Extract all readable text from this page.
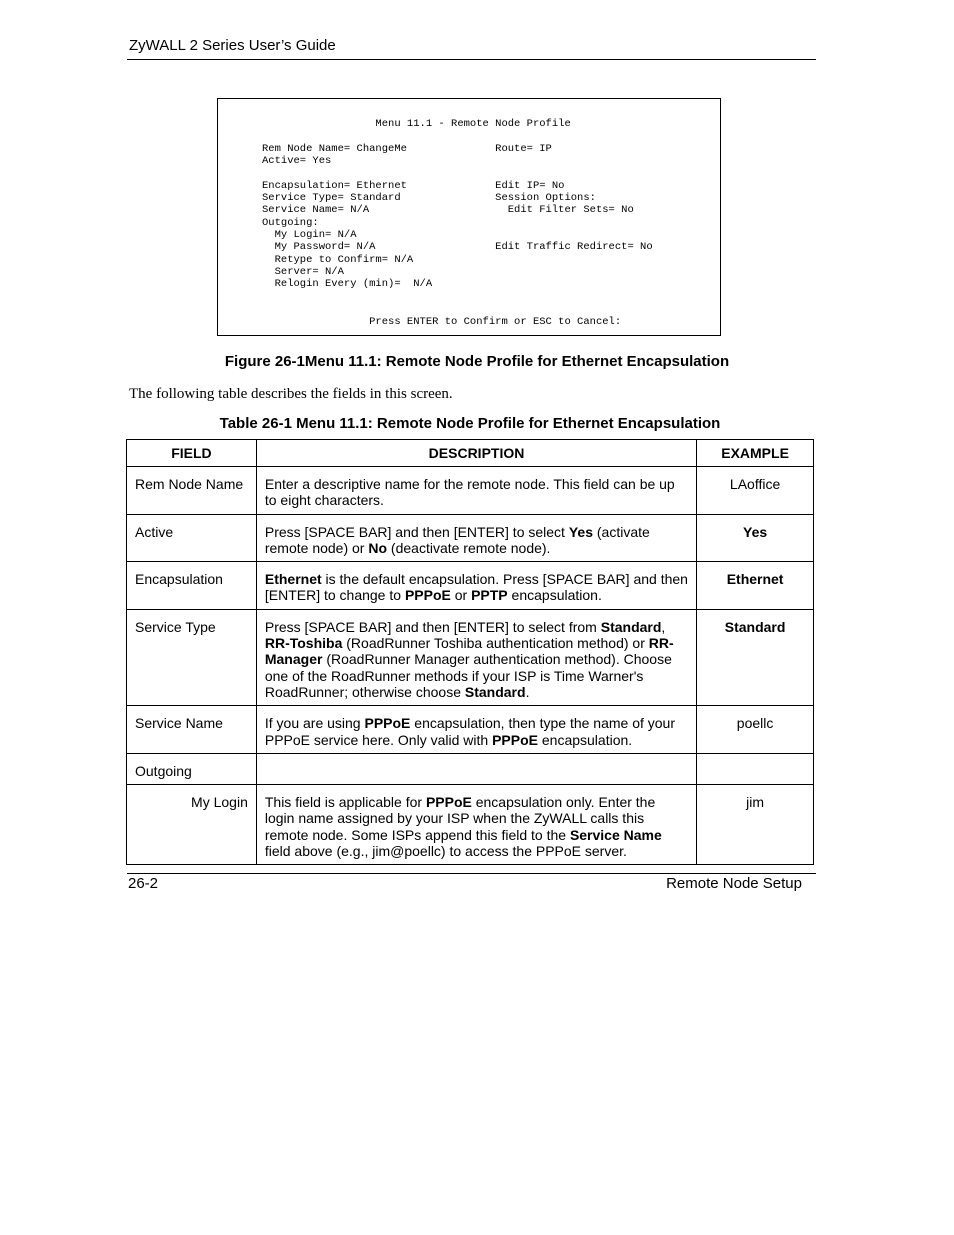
ZyWALL 2 Series User’s Guide
Menu 11.1 - Remote Node Profile

Rem Node Name= ChangeMe              Route= IP
Active= Yes

Encapsulation= Ethernet              Edit IP= No
Service Type= Standard               Session Options:
Service Name= N/A                      Edit Filter Sets= No
Outgoing:
My Login= N/A
My Password= N/A                   Edit Traffic Redirect= No
Retype to Confirm= N/A
Server= N/A
Relogin Every (min)=  N/A

Press ENTER to Confirm or ESC to Cancel:
Figure 26-1Menu 11.1: Remote Node Profile for Ethernet Encapsulation
The following table describes the fields in this screen.
Table 26-1 Menu 11.1: Remote Node Profile for Ethernet Encapsulation
FIELD	DESCRIPTION	EXAMPLE

Rem Node Name	Enter a descriptive name for the remote node. This field can be up to eight characters.	LAoffice
Active	Press [SPACE BAR] and then [ENTER] to select Yes (activate remote node) or No (deactivate remote node).	Yes
Encapsulation	Ethernet is the default encapsulation. Press [SPACE BAR] and then [ENTER] to change to PPPoE or PPTP encapsulation.	Ethernet
Service Type	Press [SPACE BAR] and then [ENTER] to select from Standard, RR-Toshiba (RoadRunner Toshiba authentication method) or RR-Manager (RoadRunner Manager authentication method). Choose one of the RoadRunner methods if your ISP is Time Warner's RoadRunner; otherwise choose Standard.	Standard
Service Name	If you are using PPPoE encapsulation, then type the name of your PPPoE service here. Only valid with PPPoE encapsulation.	poellc
Outgoing		
My Login	This field is applicable for PPPoE encapsulation only. Enter the login name assigned by your ISP when the ZyWALL calls this remote node. Some ISPs append this field to the Service Name field above (e.g., jim@poellc) to access the PPPoE server.	jim
26-2	Remote Node Setup
